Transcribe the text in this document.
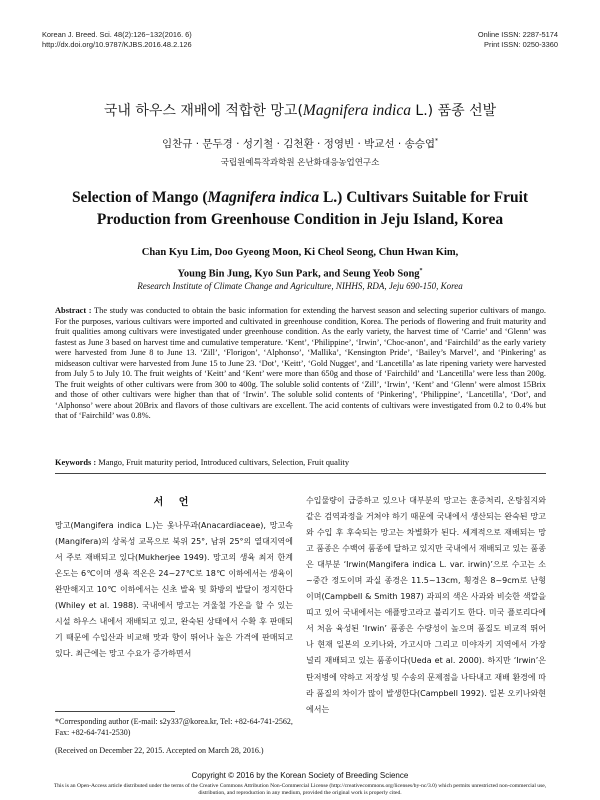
Korean J. Breed. Sci. 48(2):126~132(2016. 6)
http://dx.doi.org/10.9787/KJBS.2016.48.2.126
Online ISSN: 2287-5174
Print ISSN: 0250-3360
국내 하우스 재배에 적합한 망고(Magnifera indica L.) 품종 선발
임찬규 · 문두경 · 성기철 · 김천환 · 정영빈 · 박교선 · 송승엽*
국립원예특작과학원 온난화대응농업연구소
Selection of Mango (Magnifera indica L.) Cultivars Suitable for Fruit Production from Greenhouse Condition in Jeju Island, Korea
Chan Kyu Lim, Doo Gyeong Moon, Ki Cheol Seong, Chun Hwan Kim,
Young Bin Jung, Kyo Sun Park, and Seung Yeob Song*
Research Institute of Climate Change and Agriculture, NIHHS, RDA, Jeju 690-150, Korea
Abstract : The study was conducted to obtain the basic information for extending the harvest season and selecting superior cultivars of mango. For the purposes, various cultivars were imported and cultivated in greenhouse condition, Korea. The periods of flowering and fruit maturity and fruit qualities among cultivars were investigated under greenhouse condition. As the early variety, the harvest time of ‘Carrie’ and ‘Glenn’ was fastest as June 3 based on harvest time and cumulative temperature. ‘Kent’, ‘Philippine’, ‘Irwin’, ‘Choc-anon’, and ‘Fairchild’ as the early variety were harvested from June 8 to June 13. ‘Zill’, ‘Florigon’, ‘Alphonso’, ‘Mallika’, ‘Kensington Pride’, ‘Bailey’s Marvel’, and ‘Pinkering’ as midseason cultivar were harvested from June 15 to June 23. ‘Dot’, ‘Keitt’, ‘Gold Nugget’, and ‘Lancetilla’ as late ripening variety were harvested from July 5 to July 10. The fruit weights of ‘Keitt’ and ‘Kent’ were more than 650g and those of ‘Fairchild’ and ‘Lancetilla’ were less than 200g. The fruit weights of other cultivars were from 300 to 400g. The soluble solid contents of ‘Zill’, ‘Irwin’, ‘Kent’ and ‘Glenn’ were almost 15Brix and those of other cultivars were higher than that of ‘Irwin’. The soluble solid contents of ‘Pinkering’, ‘Philippine’, ‘Lancetilla’, ‘Dot’, and ‘Alphonso’ were about 20Brix and flavors of those cultivars are excellent. The acid contents of cultivars were investigated from 0.2 to 0.4% but that of ‘Fairchild’ was 0.8%.
Keywords : Mango, Fruit maturity period, Introduced cultivars, Selection, Fruit quality
서 언
망고(Mangifera indica L.)는 옻나무과(Anacardiaceae), 망고속(Mangifera)의 상록성 교목으로 북위 25°, 남위 25°의 열대지역에서 주로 재배되고 있다(Mukherjee 1949). 망고의 생육 최저 한계온도는 6℃이며 생육 적온은 24~27℃로 18℃ 이하에서는 생육이 완만해지고 10℃ 이하에서는 신초 발육 및 화방의 발달이 정지한다(Whiley et al. 1988). 국내에서 망고는 겨울철 가온을 할 수 있는 시설 하우스 내에서 재배되고 있고, 완숙된 상태에서 수확 후 판매되기 때문에 수입산과 비교해 맛과 향이 뛰어나 높은 가격에 판매되고 있다. 최근에는 망고 수요가 증가하면서
수입물량이 급증하고 있으나 대부분의 망고는 훈증처리, 온탕침지와 같은 검역과정을 거쳐야 하기 때문에 국내에서 생산되는 완숙된 망고와 수입 후 후숙되는 망고는 차별화가 된다. 세계적으로 재배되는 망고 품종은 수백여 품종에 달하고 있지만 국내에서 재배되고 있는 품종은 대부분 ‘Irwin(Mangifera indica L. var. irwin)’으로 수고는 소~중간 정도이며 과실 종경은 11.5~13cm, 횡경은 8~9cm로 난형이며(Campbell & Smith 1987) 과피의 색은 사과와 비슷한 색깔을 띠고 있어 국내에서는 애플망고라고 불리기도 한다. 미국 플로리다에서 처음 육성된 ‘Irwin’ 품종은 수량성이 높으며 품질도 비교적 뛰어나 현재 일본의 오키나와, 가고시마 그리고 미야자키 지역에서 가장 널리 재배되고 있는 품종이다(Ueda et al. 2000). 하지만 ‘Irwin’은 탄저병에 약하고 저장성 및 수송의 문제점을 나타내고 재배 환경에 따라 품질의 차이가 많이 발생한다(Campbell 1992). 일본 오키나와현에서는
*Corresponding author (E-mail: s2y337@korea.kr, Tel: +82-64-741-2562, Fax: +82-64-741-2530)
(Received on December 22, 2015. Accepted on March 28, 2016.)
Copyright © 2016 by the Korean Society of Breeding Science
This is an Open-Access article distributed under the terms of the Creative Commons Attribution Non-Commercial License (http://creativecommons.org/licenses/by-nc/3.0) which permits unrestricted non-commercial use, distribution, and reproduction in any medium, provided the original work is properly cited.
